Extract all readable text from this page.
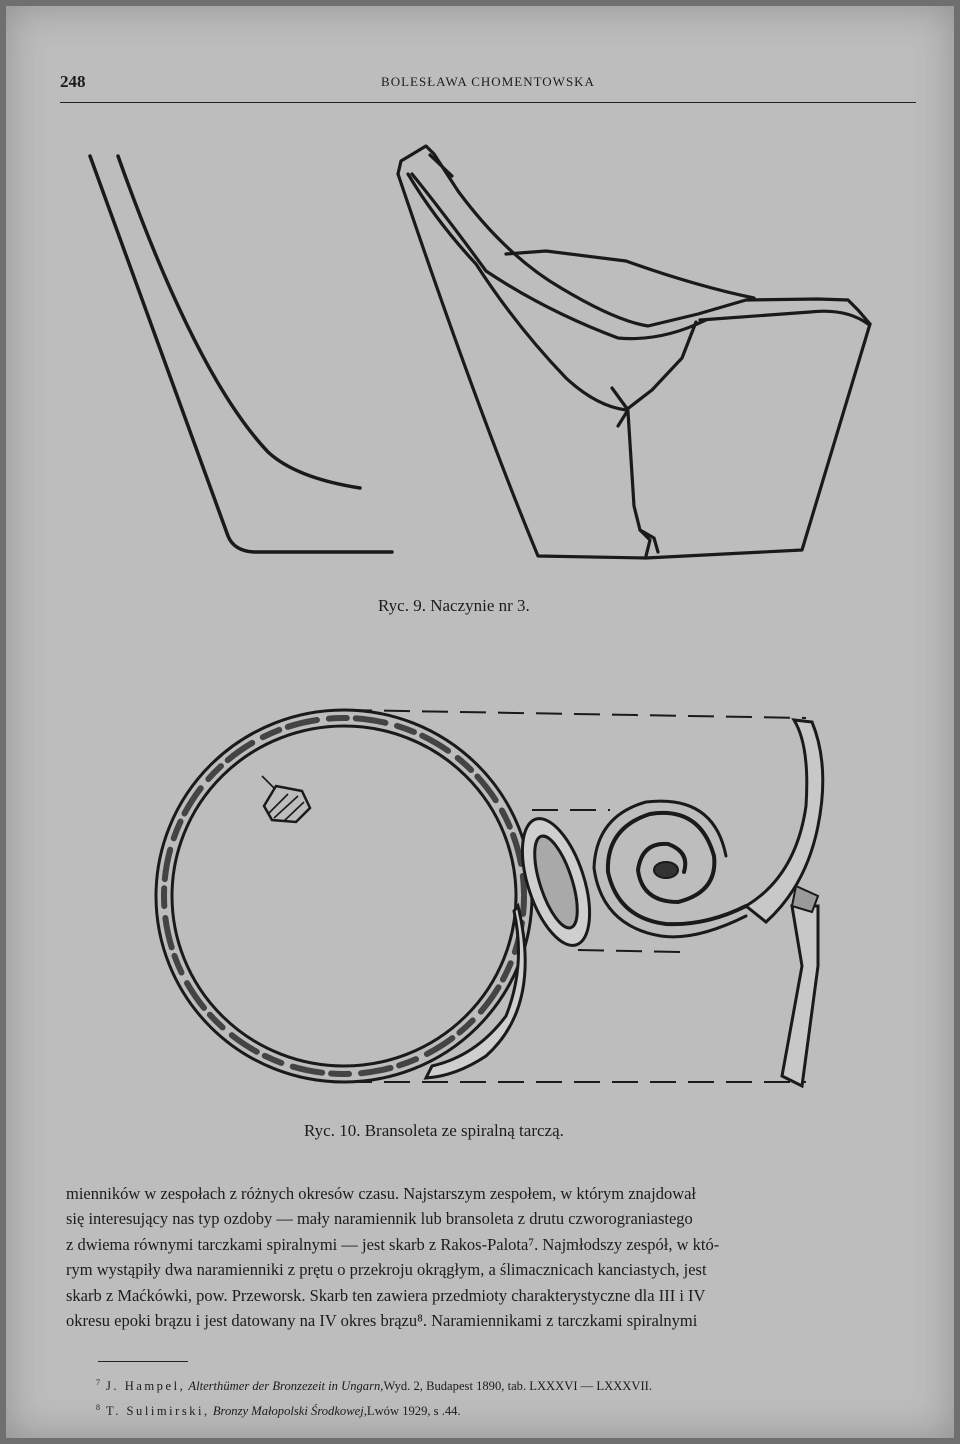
248	BOLESŁAWA CHOMENTOWSKA
Ryc. 9. Naczynie nr 3.
Ryc. 10. Bransoleta ze spiralną tarczą.

mienników w zespołach z różnych okresów czasu. Najstarszym zespołem, w którym znajdował

się interesujący nas typ ozdoby — mały naramiennik lub bransoleta z drutu czworograniastego

z dwiema równymi tarczkami spiralnymi — jest skarb z Rakos-Palota⁷. Najmłodszy zespół, w któ-

rym wystąpiły dwa naramienniki z prętu o przekroju okrągłym, a ślimacznicach kanciastych, jest

skarb z Maćkówki, pow. Przeworsk. Skarb ten zawiera przedmioty charakterystyczne dla III i IV

okresu epoki brązu i jest datowany na IV okres brązu⁸. Naramiennikami z tarczkami spiralnymi

$^7$ J. Hampel, Alterthümer der Bronzezeit in Ungarn,Wyd. 2, Budapest 1890, tab. LXXXVI — LXXXVII.
$^8$ T. Sulimirski, Bronzy Małopolski Środkowej,Lwów 1929, s .44.
